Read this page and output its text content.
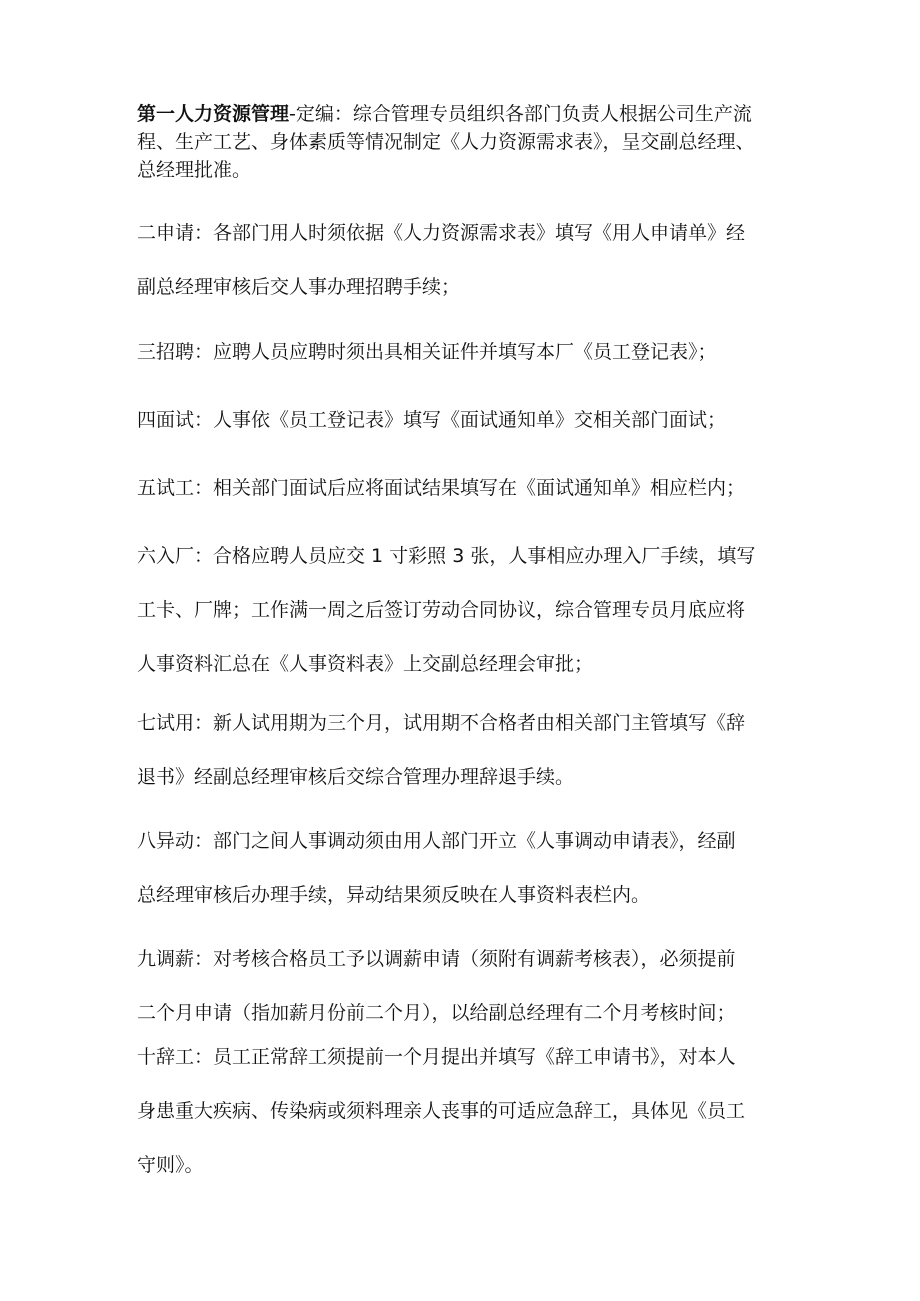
第一人力资源管理-定编：综合管理专员组织各部门负责人根据公司生产流
程、生产工艺、身体素质等情况制定《人力资源需求表》，呈交副总经理、
总经理批准。
二申请：各部门用人时须依据《人力资源需求表》填写《用人申请单》经
副总经理审核后交人事办理招聘手续；
三招聘：应聘人员应聘时须出具相关证件并填写本厂《员工登记表》；
四面试：人事依《员工登记表》填写《面试通知单》交相关部门面试；
五试工：相关部门面试后应将面试结果填写在《面试通知单》相应栏内；
六入厂：合格应聘人员应交 1 寸彩照 3 张，人事相应办理入厂手续，填写
工卡、厂牌；工作满一周之后签订劳动合同协议，综合管理专员月底应将
人事资料汇总在《人事资料表》上交副总经理会审批；
七试用：新人试用期为三个月，试用期不合格者由相关部门主管填写《辞
退书》经副总经理审核后交综合管理办理辞退手续。
八异动：部门之间人事调动须由用人部门开立《人事调动申请表》，经副
总经理审核后办理手续，异动结果须反映在人事资料表栏内。
九调薪：对考核合格员工予以调薪申请（须附有调薪考核表），必须提前
二个月申请（指加薪月份前二个月），以给副总经理有二个月考核时间；
十辞工：员工正常辞工须提前一个月提出并填写《辞工申请书》，对本人
身患重大疾病、传染病或须料理亲人丧事的可适应急辞工，具体见《员工
守则》。
